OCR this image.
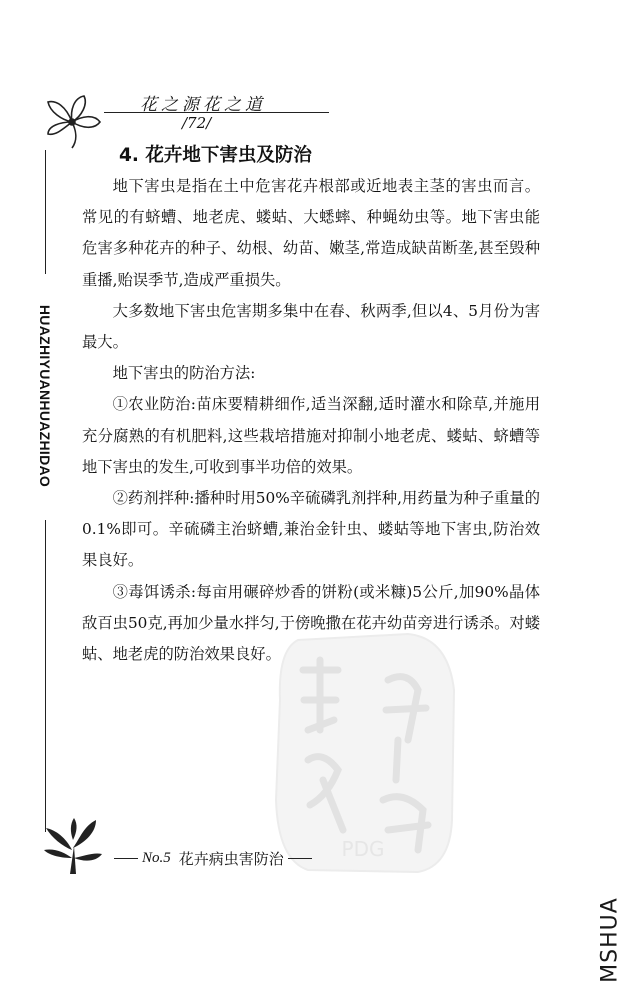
花之源花之道
/72/
HUAZHIYUANHUAZHIDAO
4. 花卉地下害虫及防治

地下害虫是指在土中危害花卉根部或近地表主茎的害虫而言。常见的有蛴螬、地老虎、蝼蛄、大蟋蟀、种蝇幼虫等。地下害虫能危害多种花卉的种子、幼根、幼苗、嫩茎,常造成缺苗断垄,甚至毁种重播,贻误季节,造成严重损失。

大多数地下害虫危害期多集中在春、秋两季,但以4、5月份为害最大。

地下害虫的防治方法:

①农业防治:苗床要精耕细作,适当深翻,适时灌水和除草,并施用充分腐熟的有机肥料,这些栽培措施对抑制小地老虎、蝼蛄、蛴螬等地下害虫的发生,可收到事半功倍的效果。

②药剂拌种:播种时用50%辛硫磷乳剂拌种,用药量为种子重量的0.1%即可。辛硫磷主治蛴螬,兼治金针虫、蝼蛄等地下害虫,防治效果良好。

③毒饵诱杀:每亩用碾碎炒香的饼粉(或米糠)5公斤,加90%晶体敌百虫50克,再加少量水拌匀,于傍晚撒在花卉幼苗旁进行诱杀。对蝼蛄、地老虎的防治效果良好。

PDG
No.5 花卉病虫害防治
MSHUA
